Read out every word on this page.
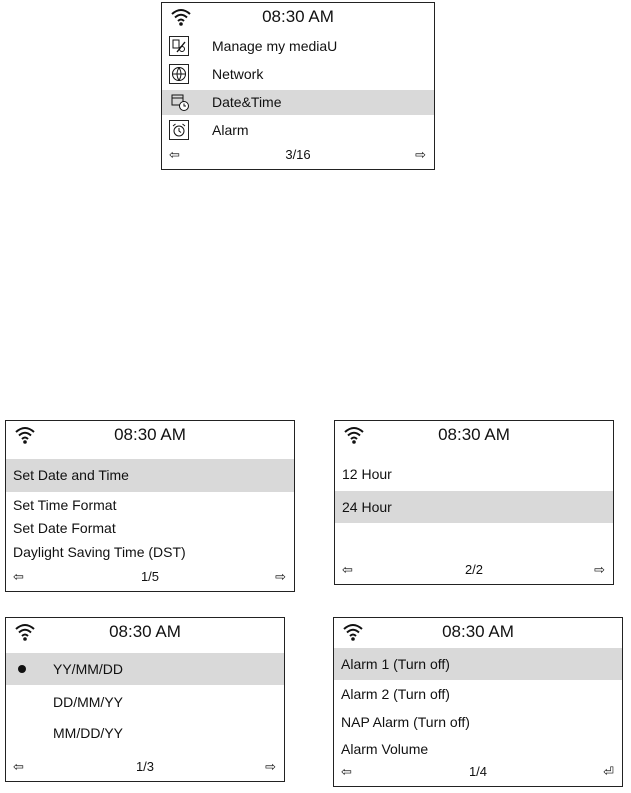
08:30 AM
Manage my mediaU
Network
Date&Time
Alarm
⇦	3/16	⇨
08:30 AM
Set Date and Time
Set Time Format
Set Date Format
Daylight Saving Time (DST)
⇦	1/5	⇨
08:30 AM
12 Hour
24 Hour
⇦	2/2	⇨
08:30 AM
YY/MM/DD
DD/MM/YY
MM/DD/YY
⇦	1/3	⇨
08:30 AM
Alarm 1 (Turn off)
Alarm 2 (Turn off)
NAP Alarm (Turn off)
Alarm Volume
⇦	1/4	⏎
